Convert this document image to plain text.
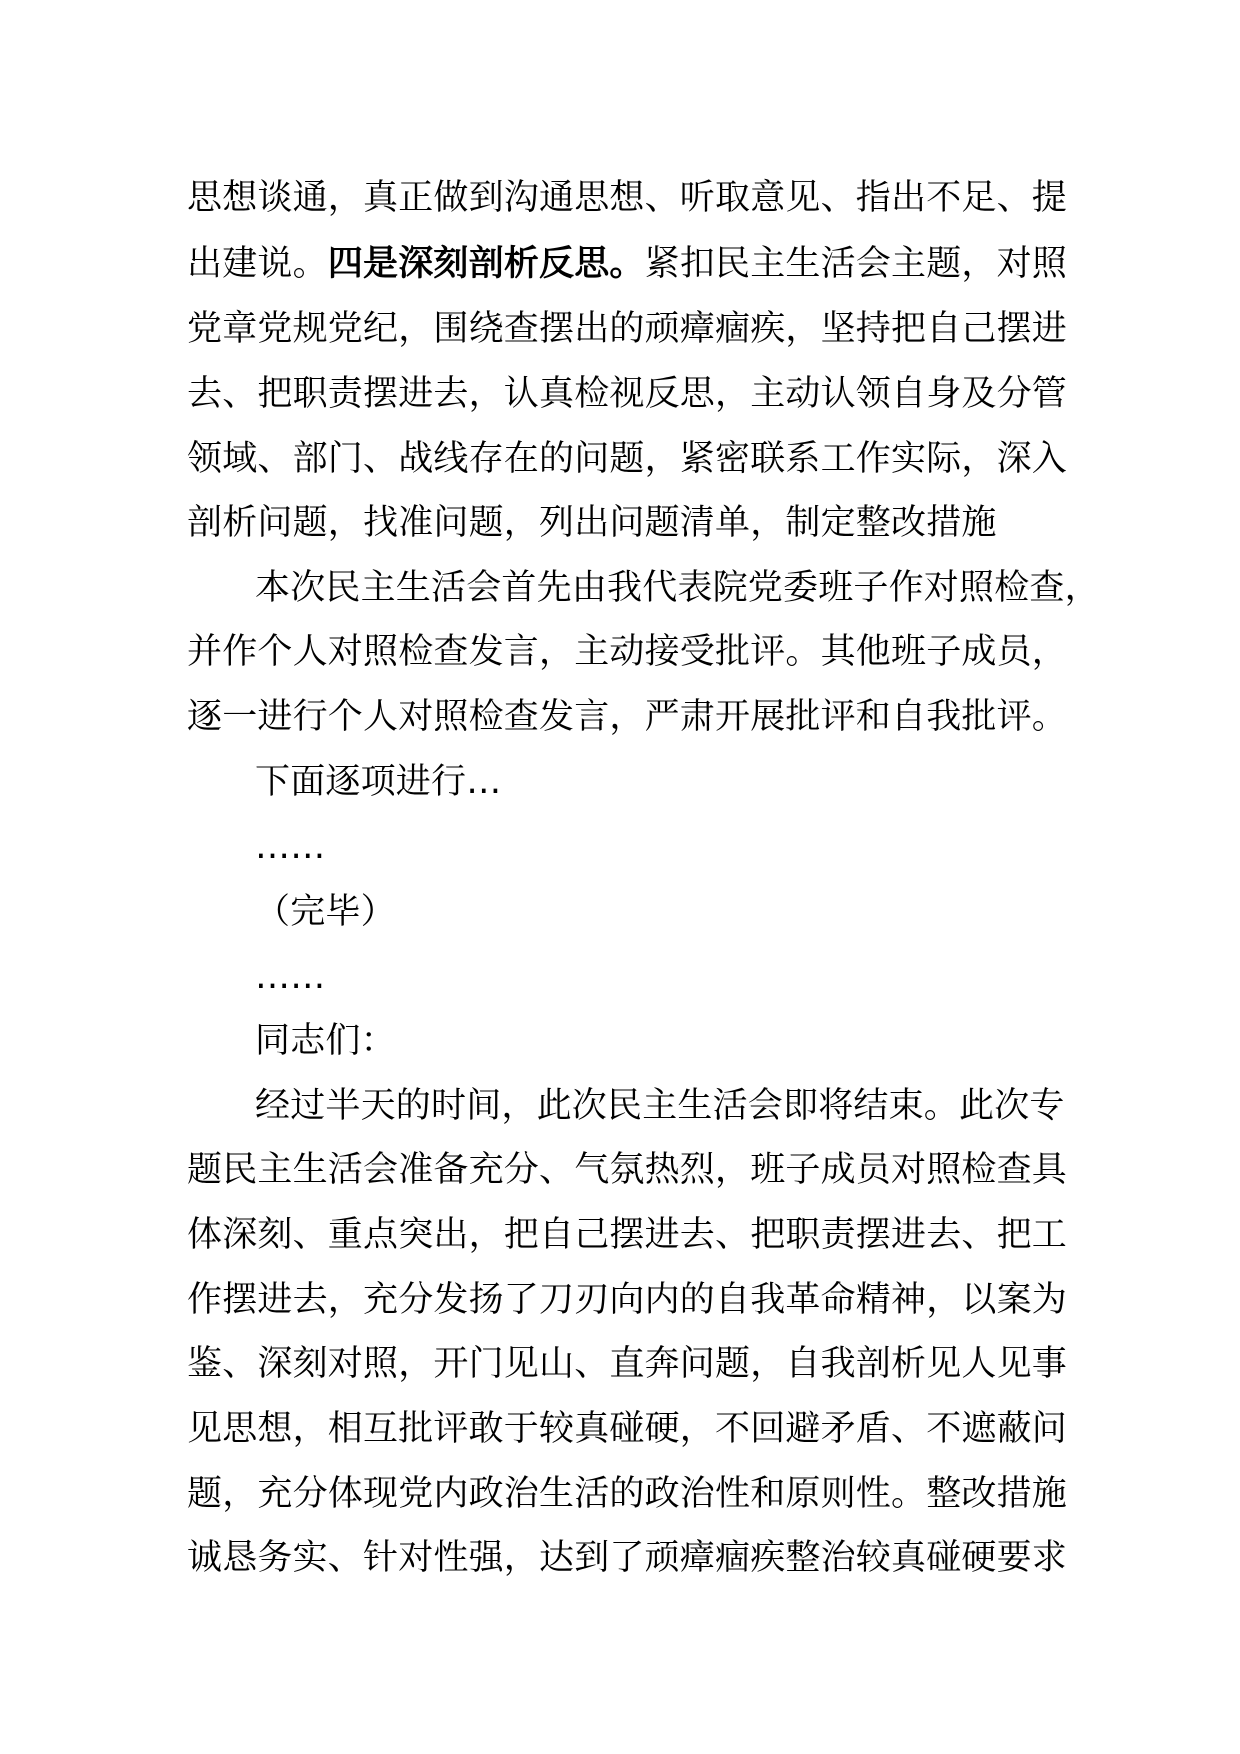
思想谈通，真正做到沟通思想、听取意见、指出不足、提
出建说。四是深刻剖析反思。紧扣民主生活会主题，对照
党章党规党纪，围绕查摆出的顽瘴痼疾，坚持把自己摆进
去、把职责摆进去，认真检视反思，主动认领自身及分管
领域、部门、战线存在的问题，紧密联系工作实际，深入
剖析问题，找准问题，列出问题清单，制定整改措施
本次民主生活会首先由我代表院党委班子作对照检查，
并作个人对照检查发言，主动接受批评。其他班子成员，
逐一进行个人对照检查发言，严肃开展批评和自我批评。
下面逐项进行…
……
（完毕）
……
同志们：
经过半天的时间，此次民主生活会即将结束。此次专
题民主生活会准备充分、气氛热烈，班子成员对照检查具
体深刻、重点突出，把自己摆进去、把职责摆进去、把工
作摆进去，充分发扬了刀刃向内的自我革命精神，以案为
鉴、深刻对照，开门见山、直奔问题，自我剖析见人见事
见思想，相互批评敢于较真碰硬，不回避矛盾、不遮蔽问
题，充分体现党内政治生活的政治性和原则性。整改措施
诚恳务实、针对性强，达到了顽瘴痼疾整治较真碰硬要求
